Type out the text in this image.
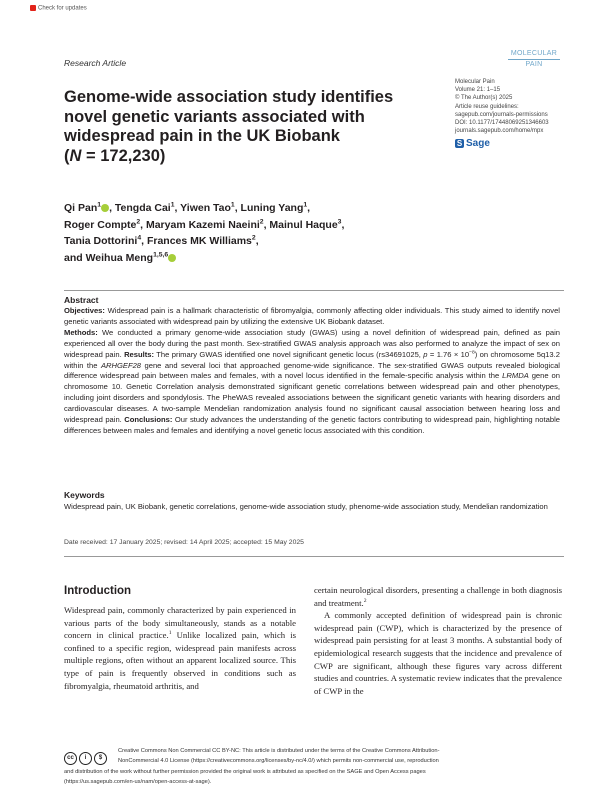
Check for updates
Research Article
MOLECULAR
PAIN
Molecular Pain
Volume 21: 1–15
© The Author(s) 2025
Article reuse guidelines:
sagepub.com/journals-permissions
DOI: 10.1177/17448069251346603
journals.sagepub.com/home/mpx
S Sage
Genome-wide association study identifies novel genetic variants associated with widespread pain in the UK Biobank
(N = 172,230)
Qi Pan$^1$ , Tengda Cai$^1$, Yiwen Tao$^1$, Luning Yang$^1$,
Roger Compte$^2$, Maryam Kazemi Naeini$^2$, Mainul Haque$^3$,
Tania Dottorini$^4$, Frances MK Williams$^2$,
and Weihua Meng$^{1,5,6}$
Abstract
Objectives: Widespread pain is a hallmark characteristic of fibromyalgia, commonly affecting older individuals. This study aimed to identify novel genetic variants associated with widespread pain by utilizing the extensive UK Biobank dataset.
Methods: We conducted a primary genome-wide association study (GWAS) using a novel definition of widespread pain, defined as pain experienced all over the body during the past month. Sex-stratified GWAS analysis approach was also performed to analyze the impact of sex on widespread pain. Results: The primary GWAS identified one novel significant genetic locus (rs34691025, $p = 1.76 \times 10^{-8}$) on chromosome 5q13.2 within the ARHGEF28 gene and several loci that approached genome-wide significance. The sex-stratified GWAS outputs revealed biological difference widespread pain between males and females, with a novel locus identified in the female-specific analysis within the LRMDA gene on chromosome 10. Genetic Correlation analysis demonstrated significant genetic correlations between widespread pain and other phenotypes, including joint disorders and spondylosis. The PheWAS revealed associations between the significant genetic variants with hearing disorders and cardiovascular diseases. A two-sample Mendelian randomization analysis found no significant causal association between hearing loss and widespread pain. Conclusions: Our study advances the understanding of the genetic factors contributing to widespread pain, highlighting notable differences between males and females and identifying a novel genetic locus associated with this condition.
Keywords
Widespread pain, UK Biobank, genetic correlations, genome-wide association study, phenome-wide association study, Mendelian randomization
Date received: 17 January 2025; revised: 14 April 2025; accepted: 15 May 2025
Introduction
Widespread pain, commonly characterized by pain experienced in various parts of the body simultaneously, stands as a notable concern in clinical practice.$^1$ Unlike localized pain, which is confined to a specific region, widespread pain manifests across multiple regions, often without an apparent localized source. This type of pain is frequently observed in conditions such as fibromyalgia, rheumatoid arthritis, and
certain neurological disorders, presenting a challenge in both diagnosis and treatment.$^2$
A commonly accepted definition of widespread pain is chronic widespread pain (CWP), which is characterized by the presence of widespread pain persisting for at least 3 months. A substantial body of epidemiological research suggests that the incidence and prevalence of CWP are significant, although these figures vary across different studies and countries. A systematic review indicates that the prevalence of CWP in the
cc i $
Creative Commons Non Commercial CC BY-NC: This article is distributed under the terms of the Creative Commons Attribution-
NonCommercial 4.0 License (https://creativecommons.org/licenses/by-nc/4.0/) which permits non-commercial use, reproduction
and distribution of the work without further permission provided the original work is attributed as specified on the SAGE and Open Access pages
(https://us.sagepub.com/en-us/nam/open-access-at-sage).
